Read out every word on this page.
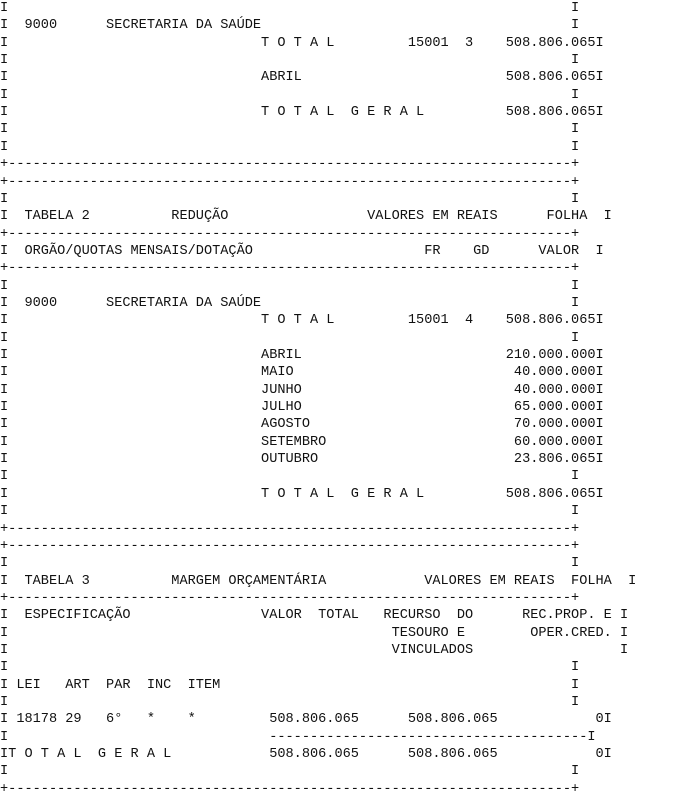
I                                                                     I
I  9000      SECRETARIA DA SAÚDE                                      I
I                               T O T A L         15001  3    508.806.065I
I                                                                     I
I                               ABRIL                         508.806.065I
I                                                                     I
I                               T O T A L  G E R A L          508.806.065I
I                                                                     I
I                                                                     I
+---------------------------------------------------------------------+
+---------------------------------------------------------------------+
I                                                                     I
I  TABELA 2          REDUÇÃO                 VALORES EM REAIS      FOLHA  I
+---------------------------------------------------------------------+
I  ORGÃO/QUOTAS MENSAIS/DOTAÇÃO                     FR    GD      VALOR  I
+---------------------------------------------------------------------+
I                                                                     I
I  9000      SECRETARIA DA SAÚDE                                      I
I                               T O T A L         15001  4    508.806.065I
I                                                                     I
I                               ABRIL                         210.000.000I
I                               MAIO                           40.000.000I
I                               JUNHO                          40.000.000I
I                               JULHO                          65.000.000I
I                               AGOSTO                         70.000.000I
I                               SETEMBRO                       60.000.000I
I                               OUTUBRO                        23.806.065I
I                                                                     I
I                               T O T A L  G E R A L          508.806.065I
I                                                                     I
+---------------------------------------------------------------------+
+---------------------------------------------------------------------+
I                                                                     I
I  TABELA 3          MARGEM ORÇAMENTÁRIA            VALORES EM REAIS  FOLHA  I
+---------------------------------------------------------------------+
I  ESPECIFICAÇÃO                VALOR  TOTAL   RECURSO  DO      REC.PROP. E I
I                                               TESOURO E        OPER.CRED. I
I                                               VINCULADOS                  I
I                                                                     I
I LEI   ART  PAR  INC  ITEM                                           I
I                                                                     I
I 18178 29   6°   *    *         508.806.065      508.806.065            0I
I                                ---------------------------------------I
IT O T A L  G E R A L            508.806.065      508.806.065            0I
I                                                                     I
+---------------------------------------------------------------------+
